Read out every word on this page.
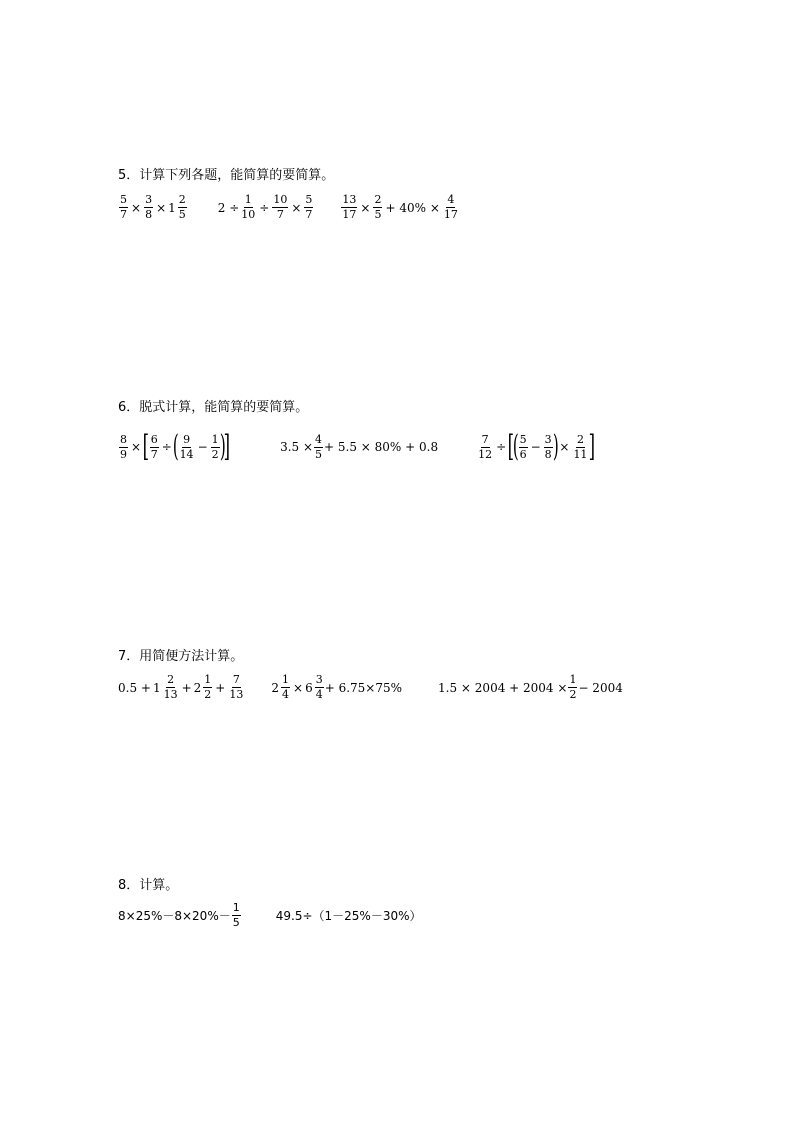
5．计算下列各题，能简算的要简算。
$\frac{5}{7} \times \frac{3}{8} \times 1 \frac{2}{5}$	$2 \div \frac{1}{10} \div \frac{10}{7} \times \frac{5}{7}$	$\frac{13}{17} \times \frac{2}{5} + 40\% \times \frac{4}{17}$
6．脱式计算，能简算的要简算。
$\frac{8}{9}$ × [ $\frac{6}{7}$ ÷ ( $\frac{9}{14} - \frac{1}{2}$ )
]	$3.5 \times \frac{4}{5} + 5.5 \times 80\% + 0.8$	$\frac{7}{12}$ ÷ [
( $\frac{5}{6} - \frac{3}{8}$ ) × $\frac{2}{11}$ ]
7．用简便方法计算。
$0.5 + 1 \frac{2}{13} + 2 \frac{1}{2} + \frac{7}{13} 2 \frac{1}{4} \times 6 \frac{3}{4} + 6.75\times 75\%$	$1.5 \times 2004 + 2004 \times \frac{1}{2} - 2004$
8．计算。
$8\times 25\%-8\times 20\%- \frac{1}{5}$	49.5÷（1－25%－30%）
